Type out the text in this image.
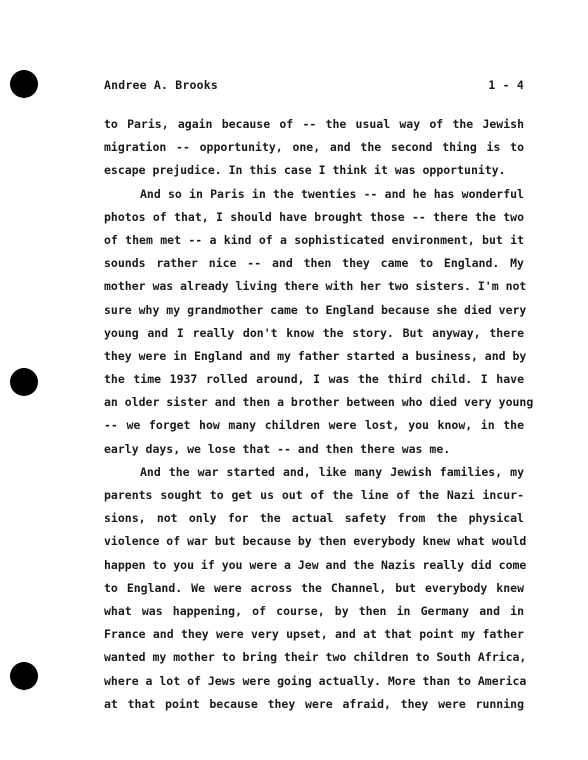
Andree A. Brooks	1 - 4
to Paris, again because of -- the usual way of the Jewish
migration -- opportunity, one, and the second thing is to
escape prejudice. In this case I think it was opportunity.
And so in Paris in the twenties -- and he has wonderful
photos of that, I should have brought those -- there the two
of them met -- a kind of a sophisticated environment, but it
sounds rather nice -- and then they came to England. My
mother was already living there with her two sisters. I'm not
sure why my grandmother came to England because she died very
young and I really don't know the story. But anyway, there
they were in England and my father started a business, and by
the time 1937 rolled around, I was the third child. I have
an older sister and then a brother between who died very young
-- we forget how many children were lost, you know, in the
early days, we lose that -- and then there was me.
And the war started and, like many Jewish families, my
parents sought to get us out of the line of the Nazi incur-
sions, not only for the actual safety from the physical
violence of war but because by then everybody knew what would
happen to you if you were a Jew and the Nazis really did come
to England. We were across the Channel, but everybody knew
what was happening, of course, by then in Germany and in
France and they were very upset, and at that point my father
wanted my mother to bring their two children to South Africa,
where a lot of Jews were going actually. More than to America
at that point because they were afraid, they were running
